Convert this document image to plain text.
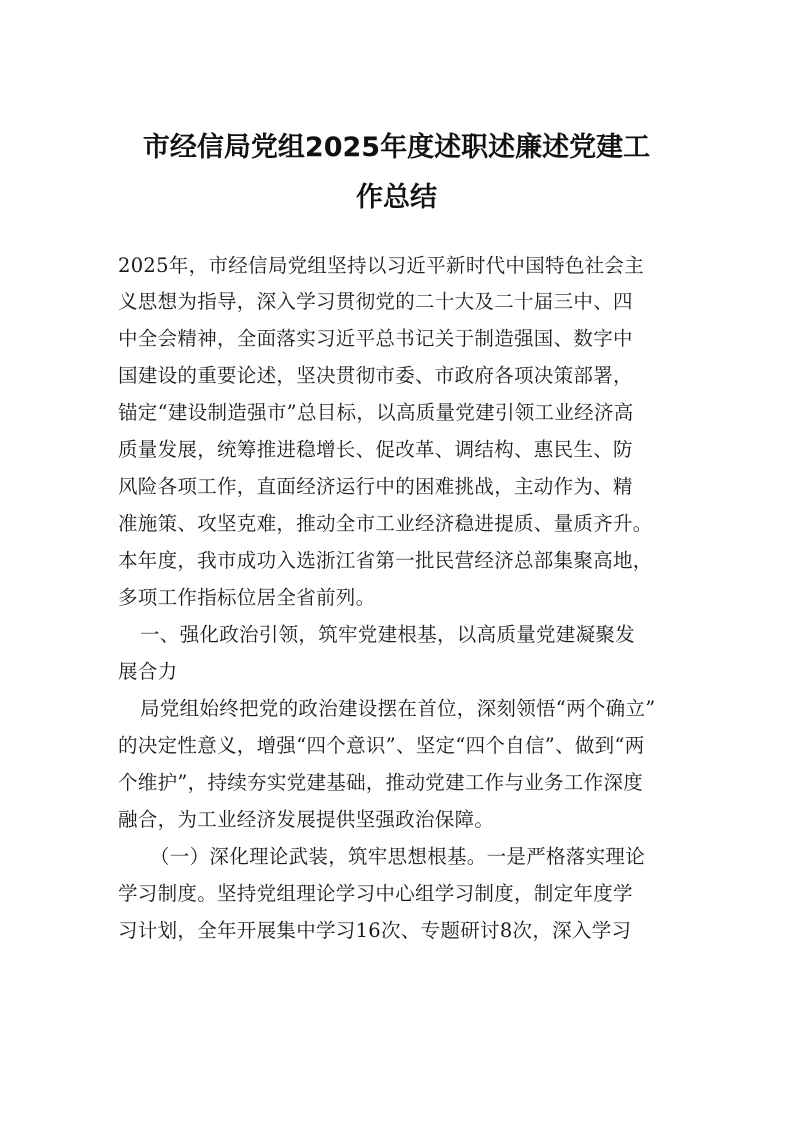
市经信局党组2025年度述职述廉述党建工
作总结
2025年，市经信局党组坚持以习近平新时代中国特色社会主
义思想为指导，深入学习贯彻党的二十大及二十届三中、四
中全会精神，全面落实习近平总书记关于制造强国、数字中
国建设的重要论述，坚决贯彻市委、市政府各项决策部署，
锚定“建设制造强市”总目标，以高质量党建引领工业经济高
质量发展，统筹推进稳增长、促改革、调结构、惠民生、防
风险各项工作，直面经济运行中的困难挑战，主动作为、精
准施策、攻坚克难，推动全市工业经济稳进提质、量质齐升。
本年度，我市成功入选浙江省第一批民营经济总部集聚高地，
多项工作指标位居全省前列。
一、强化政治引领，筑牢党建根基，以高质量党建凝聚发
展合力
局党组始终把党的政治建设摆在首位，深刻领悟“两个确立”
的决定性意义，增强“四个意识”、坚定“四个自信”、做到“两
个维护”，持续夯实党建基础，推动党建工作与业务工作深度
融合，为工业经济发展提供坚强政治保障。
（一）深化理论武装，筑牢思想根基。一是严格落实理论
学习制度。坚持党组理论学习中心组学习制度，制定年度学
习计划，全年开展集中学习16次、专题研讨8次，深入学习
